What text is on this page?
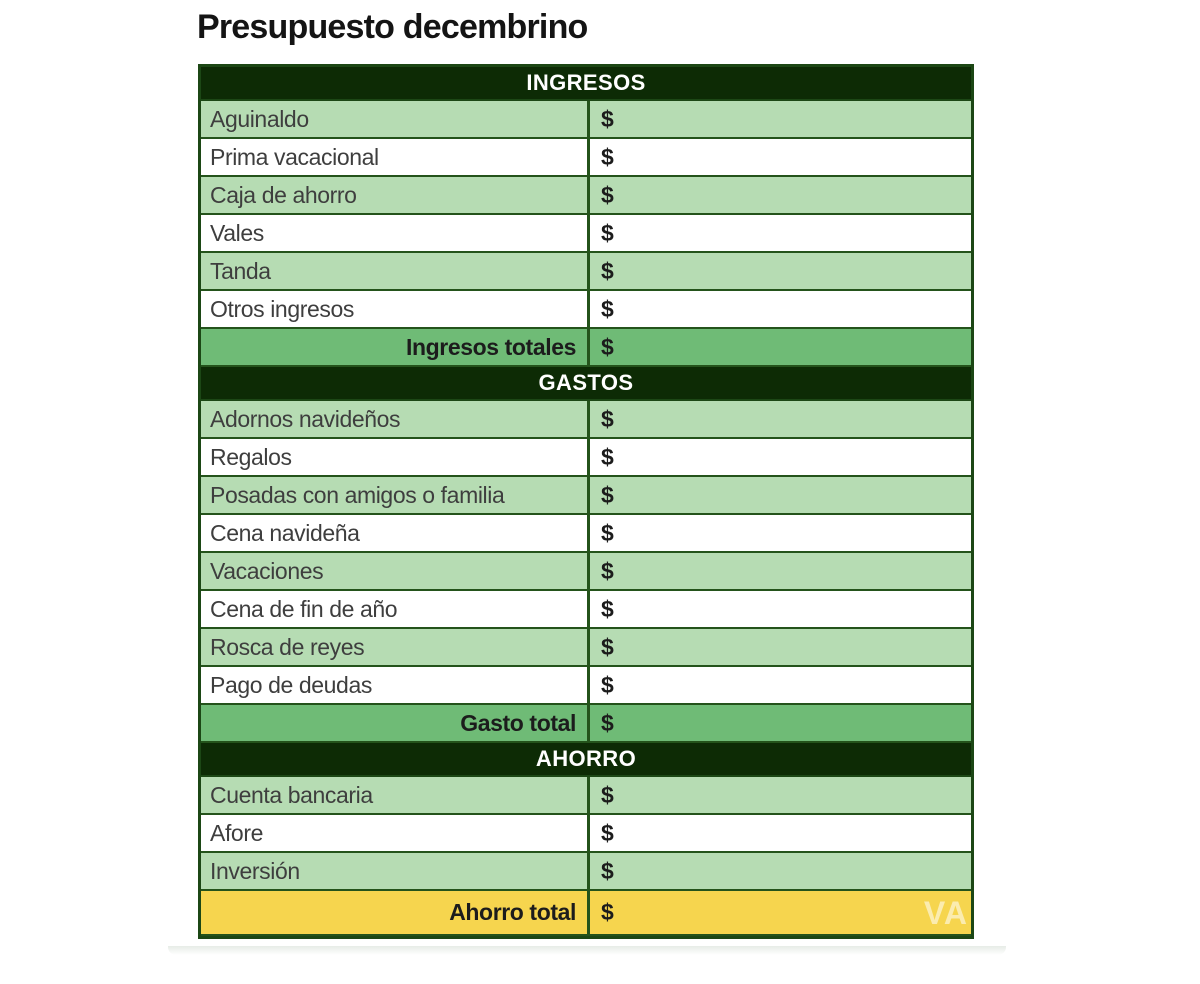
Presupuesto decembrino
INGRESOS
Aguinaldo	$
Prima vacacional	$
Caja de ahorro	$
Vales	$
Tanda	$
Otros ingresos	$
Ingresos totales	$
GASTOS
Adornos navideños	$
Regalos	$
Posadas con amigos o familia	$
Cena navideña	$
Vacaciones	$
Cena de fin de año	$
Rosca de reyes	$
Pago de deudas	$
Gasto total	$
AHORRO
Cuenta bancaria	$
Afore	$
Inversión	$
Ahorro total	$	VA
